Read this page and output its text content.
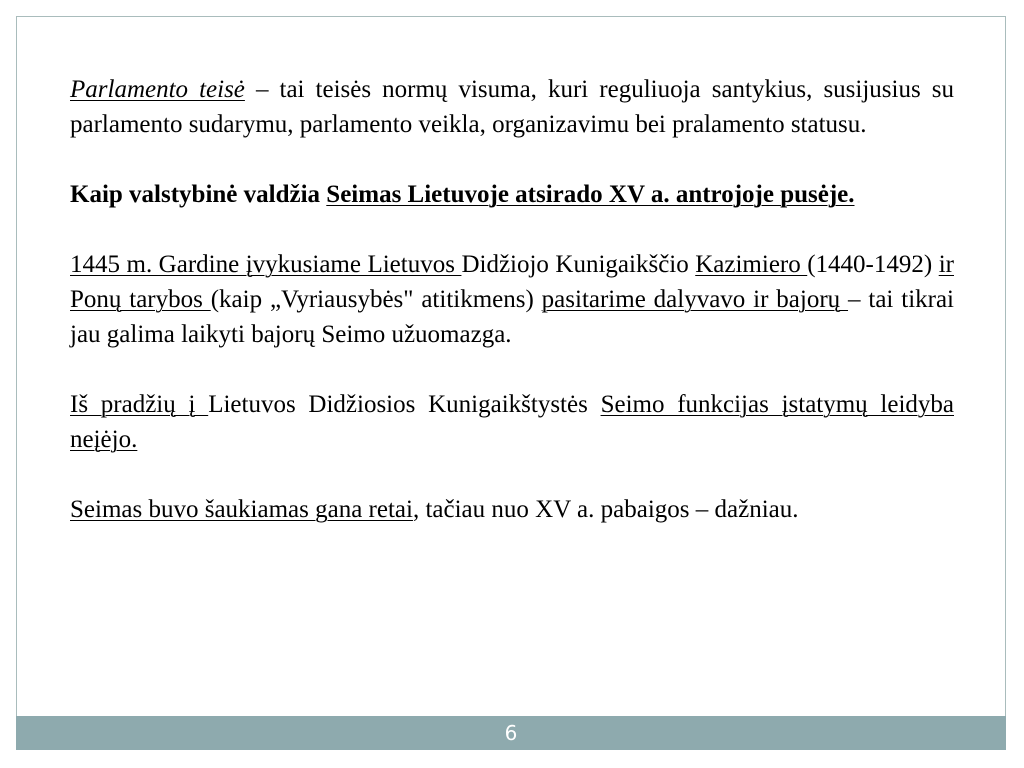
Parlamento teisė – tai teisės normų visuma, kuri reguliuoja santykius, susijusius su parlamento sudarymu, parlamento veikla, organizavimu bei pralamento statusu.

Kaip valstybinė valdžia Seimas Lietuvoje atsirado XV a. antrojoje pusėje.

1445 m. Gardine įvykusiame Lietuvos Didžiojo Kunigaikščio Kazimiero (1440-1492) ir Ponų tarybos (kaip „Vyriausybės" atitikmens) pasitarime dalyvavo ir bajorų – tai tikrai jau galima laikyti bajorų Seimo užuomazga.

Iš pradžių į Lietuvos Didžiosios Kunigaikštystės Seimo funkcijas įstatymų leidyba neįėjo.

Seimas buvo šaukiamas gana retai, tačiau nuo XV a. pabaigos – dažniau.

6
